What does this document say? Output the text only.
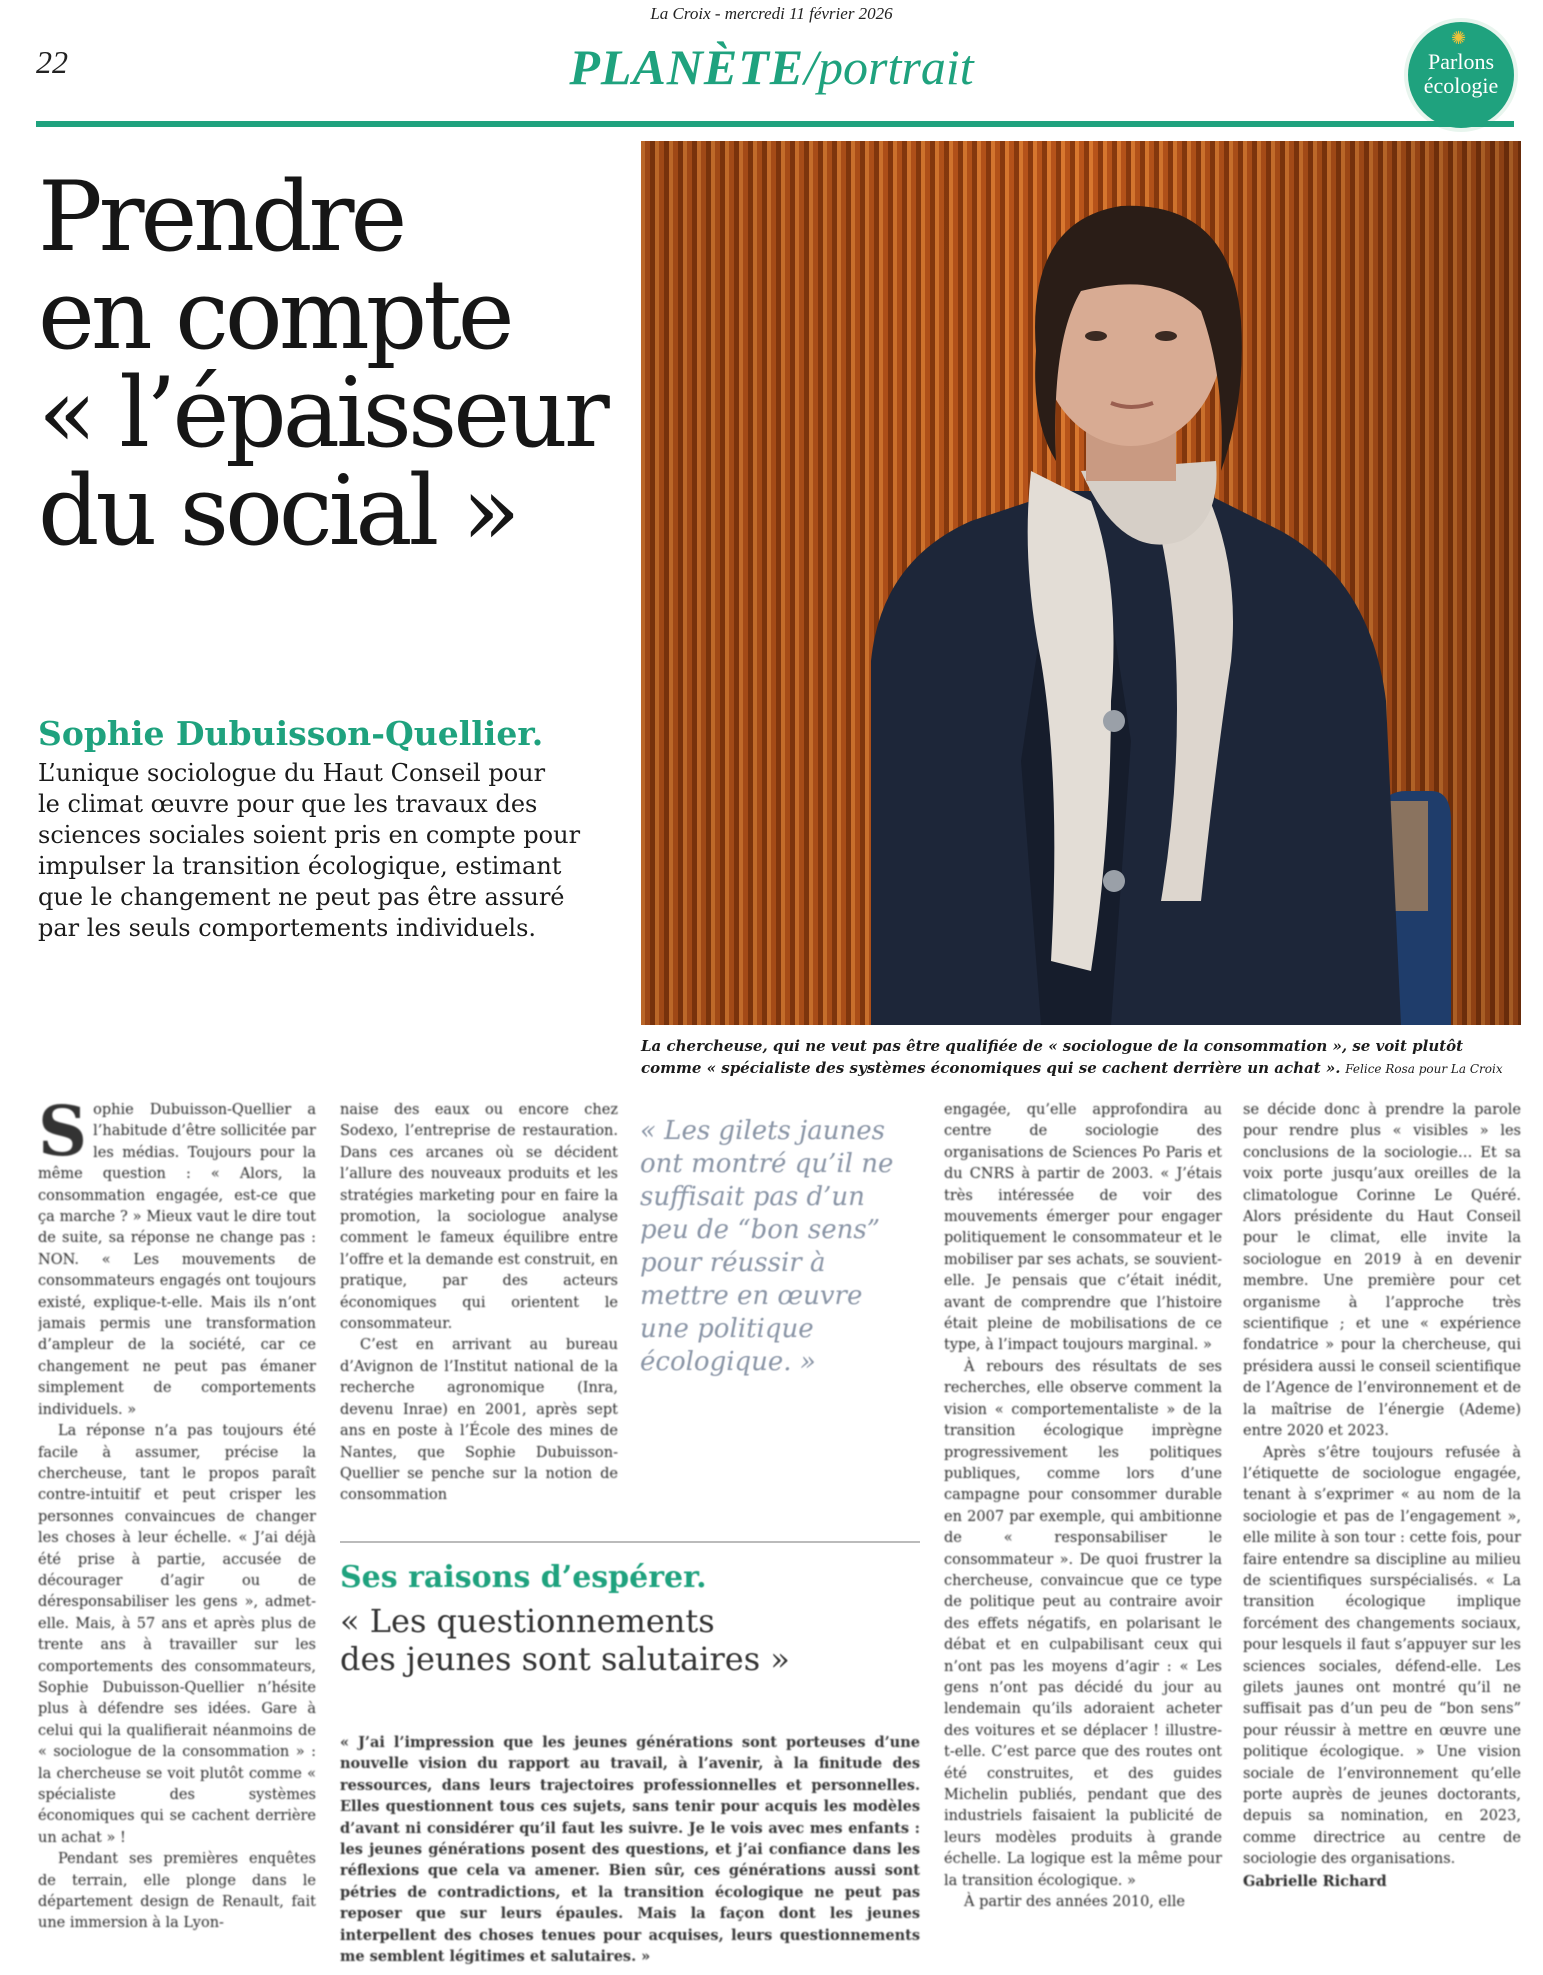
La Croix - mercredi 11 février 2026
22	PLANÈTE/portrait
✺
Parlons
écologie
Prendre
en compte
« l’épaisseur
du social »
Sophie Dubuisson-Quellier.
L’unique sociologue du Haut Conseil pour
le climat œuvre pour que les travaux des
sciences sociales soient pris en compte pour
impulser la transition écologique, estimant
que le changement ne peut pas être assuré
par les seuls comportements individuels.
La chercheuse, qui ne veut pas être qualifiée de « sociologue de la consommation », se voit plutôt
comme « spécialiste des systèmes économiques qui se cachent derrière un achat ». Felice Rosa pour La Croix

Sophie Dubuisson-Quellier a l’habitude d’être sollicitée par les médias. Toujours pour la même question : « Alors, la consommation engagée, est-ce que ça marche ? » Mieux vaut le dire tout de suite, sa réponse ne change pas : NON. « Les mouvements de consommateurs engagés ont toujours existé, explique-t-elle. Mais ils n’ont jamais permis une transformation d’ampleur de la société, car ce changement ne peut pas émaner simplement de comportements individuels. »

La réponse n’a pas toujours été facile à assumer, précise la chercheuse, tant le propos paraît contre-intuitif et peut crisper les personnes convaincues de changer les choses à leur échelle. « J’ai déjà été prise à partie, accusée de décourager d’agir ou de déresponsabiliser les gens », admet-elle. Mais, à 57 ans et après plus de trente ans à travailler sur les comportements des consommateurs, Sophie Dubuisson-Quellier n’hésite plus à défendre ses idées. Gare à celui qui la qualifierait néanmoins de « sociologue de la consommation » : la chercheuse se voit plutôt comme « spécialiste des systèmes économiques qui se cachent derrière un achat » !

Pendant ses premières enquêtes de terrain, elle plonge dans le département design de Renault, fait une immersion à la Lyon-

naise des eaux ou encore chez Sodexo, l’entreprise de restauration. Dans ces arcanes où se décident l’allure des nouveaux produits et les stratégies marketing pour en faire la promotion, la sociologue analyse comment le fameux équilibre entre l’offre et la demande est construit, en pratique, par des acteurs économiques qui orientent le consommateur.

C’est en arrivant au bureau d’Avignon de l’Institut national de la recherche agronomique (Inra, devenu Inrae) en 2001, après sept ans en poste à l’École des mines de Nantes, que Sophie Dubuisson-Quellier se penche sur la notion de consommation

« Les gilets jaunes ont montré qu’il ne suffisait pas d’un peu de “bon sens” pour réussir à mettre en œuvre une politique écologique. »

engagée, qu’elle approfondira au centre de sociologie des organisations de Sciences Po Paris et du CNRS à partir de 2003. « J’étais très intéressée de voir des mouvements émerger pour engager politiquement le consommateur et le mobiliser par ses achats, se souvient-elle. Je pensais que c’était inédit, avant de comprendre que l’histoire était pleine de mobilisations de ce type, à l’impact toujours marginal. »

À rebours des résultats de ses recherches, elle observe comment la vision « comportementaliste » de la transition écologique imprègne progressivement les politiques publiques, comme lors d’une campagne pour consommer durable en 2007 par exemple, qui ambitionne de « responsabiliser le consommateur ». De quoi frustrer la chercheuse, convaincue que ce type de politique peut au contraire avoir des effets négatifs, en polarisant le débat et en culpabilisant ceux qui n’ont pas les moyens d’agir : « Les gens n’ont pas décidé du jour au lendemain qu’ils adoraient acheter des voitures et se déplacer ! illustre-t-elle. C’est parce que des routes ont été construites, et des guides Michelin publiés, pendant que des industriels faisaient la publicité de leurs modèles produits à grande échelle. La logique est la même pour la transition écologique. »

À partir des années 2010, elle

se décide donc à prendre la parole pour rendre plus « visibles » les conclusions de la sociologie… Et sa voix porte jusqu’aux oreilles de la climatologue Corinne Le Quéré. Alors présidente du Haut Conseil pour le climat, elle invite la sociologue en 2019 à en devenir membre. Une première pour cet organisme à l’approche très scientifique ; et une « expérience fondatrice » pour la chercheuse, qui présidera aussi le conseil scientifique de l’Agence de l’environnement et de la maîtrise de l’énergie (Ademe) entre 2020 et 2023.

Après s’être toujours refusée à l’étiquette de sociologue engagée, tenant à s’exprimer « au nom de la sociologie et pas de l’engagement », elle milite à son tour : cette fois, pour faire entendre sa discipline au milieu de scientifiques surspécialisés. « La transition écologique implique forcément des changements sociaux, pour lesquels il faut s’appuyer sur les sciences sociales, défend-elle. Les gilets jaunes ont montré qu’il ne suffisait pas d’un peu de “bon sens” pour réussir à mettre en œuvre une politique écologique. » Une vision sociale de l’environnement qu’elle porte auprès de jeunes doctorants, depuis sa nomination, en 2023, comme directrice au centre de sociologie des organisations.

Gabrielle Richard

Ses raisons d’espérer.
« Les questionnements
des jeunes sont salutaires »

« J’ai l’impression que les jeunes générations sont porteuses d’une nouvelle vision du rapport au travail, à l’avenir, à la finitude des ressources, dans leurs trajectoires professionnelles et personnelles. Elles questionnent tous ces sujets, sans tenir pour acquis les modèles d’avant ni considérer qu’il faut les suivre. Je le vois avec mes enfants : les jeunes générations posent des questions, et j’ai confiance dans les réflexions que cela va amener. Bien sûr, ces générations aussi sont pétries de contradictions, et la transition écologique ne peut pas reposer que sur leurs épaules. Mais la façon dont les jeunes interpellent des choses tenues pour acquises, leurs questionnements me semblent légitimes et salutaires. »
